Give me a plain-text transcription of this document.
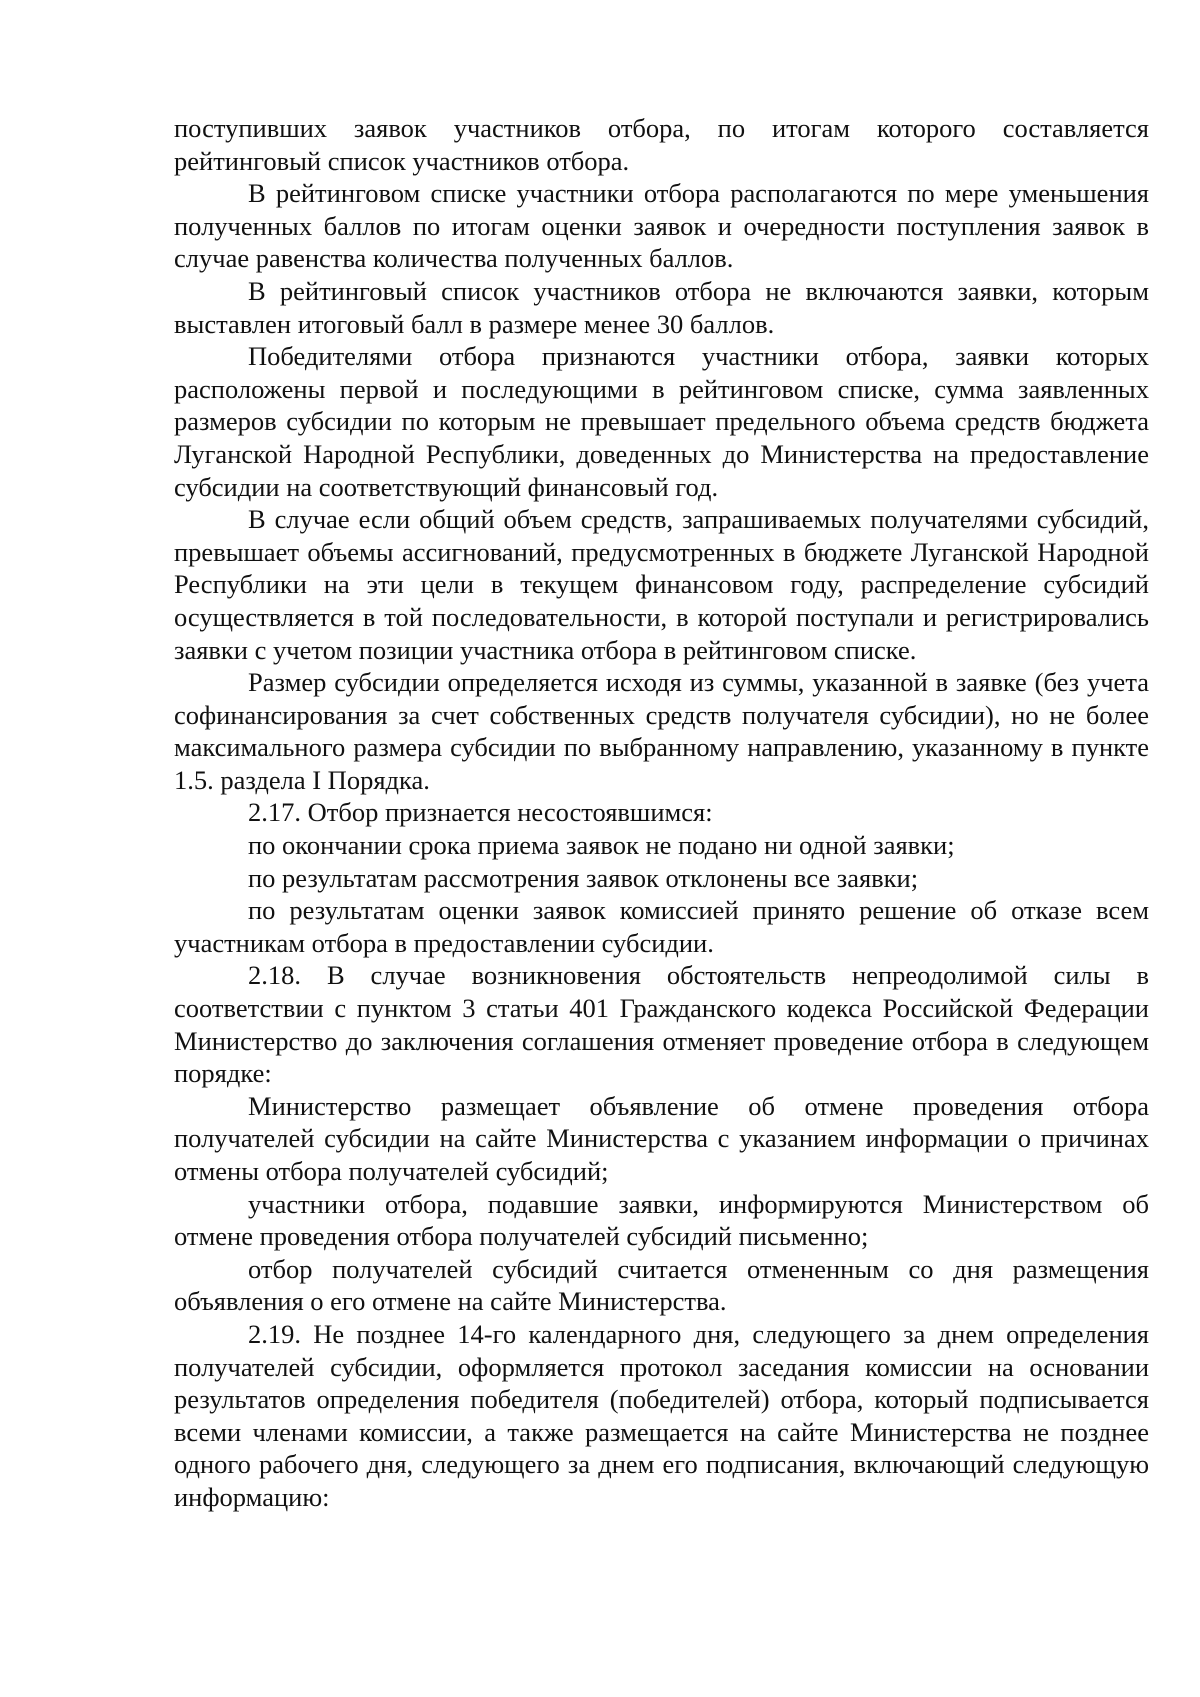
поступивших заявок участников отбора, по итогам которого составляется рейтинговый список участников отбора.

В рейтинговом списке участники отбора располагаются по мере уменьшения полученных баллов по итогам оценки заявок и очередности поступления заявок в случае равенства количества полученных баллов.

В рейтинговый список участников отбора не включаются заявки, которым выставлен итоговый балл в размере менее 30 баллов.

Победителями отбора признаются участники отбора, заявки которых расположены первой и последующими в рейтинговом списке, сумма заявленных размеров субсидии по которым не превышает предельного объема средств бюджета Луганской Народной Республики, доведенных до Министерства на предоставление субсидии на соответствующий финансовый год.

В случае если общий объем средств, запрашиваемых получателями субсидий, превышает объемы ассигнований, предусмотренных в бюджете Луганской Народной Республики на эти цели в текущем финансовом году, распределение субсидий осуществляется в той последовательности, в которой поступали и регистрировались заявки с учетом позиции участника отбора в рейтинговом списке.

Размер субсидии определяется исходя из суммы, указанной в заявке (без учета софинансирования за счет собственных средств получателя субсидии), но не более максимального размера субсидии по выбранному направлению, указанному в пункте 1.5. раздела I Порядка.

2.17. Отбор признается несостоявшимся:

по окончании срока приема заявок не подано ни одной заявки;

по результатам рассмотрения заявок отклонены все заявки;

по результатам оценки заявок комиссией принято решение об отказе всем участникам отбора в предоставлении субсидии.

2.18. В случае возникновения обстоятельств непреодолимой силы в соответствии с пунктом 3 статьи 401 Гражданского кодекса Российской Федерации Министерство до заключения соглашения отменяет проведение отбора в следующем порядке:

Министерство размещает объявление об отмене проведения отбора получателей субсидии на сайте Министерства с указанием информации о причинах отмены отбора получателей субсидий;

участники отбора, подавшие заявки, информируются Министерством об отмене проведения отбора получателей субсидий письменно;

отбор получателей субсидий считается отмененным со дня размещения объявления о его отмене на сайте Министерства.

2.19. Не позднее 14-го календарного дня, следующего за днем определения получателей субсидии, оформляется протокол заседания комиссии на основании результатов определения победителя (победителей) отбора, который подписывается всеми членами комиссии, а также размещается на сайте Министерства не позднее одного рабочего дня, следующего за днем его подписания, включающий следующую информацию:
